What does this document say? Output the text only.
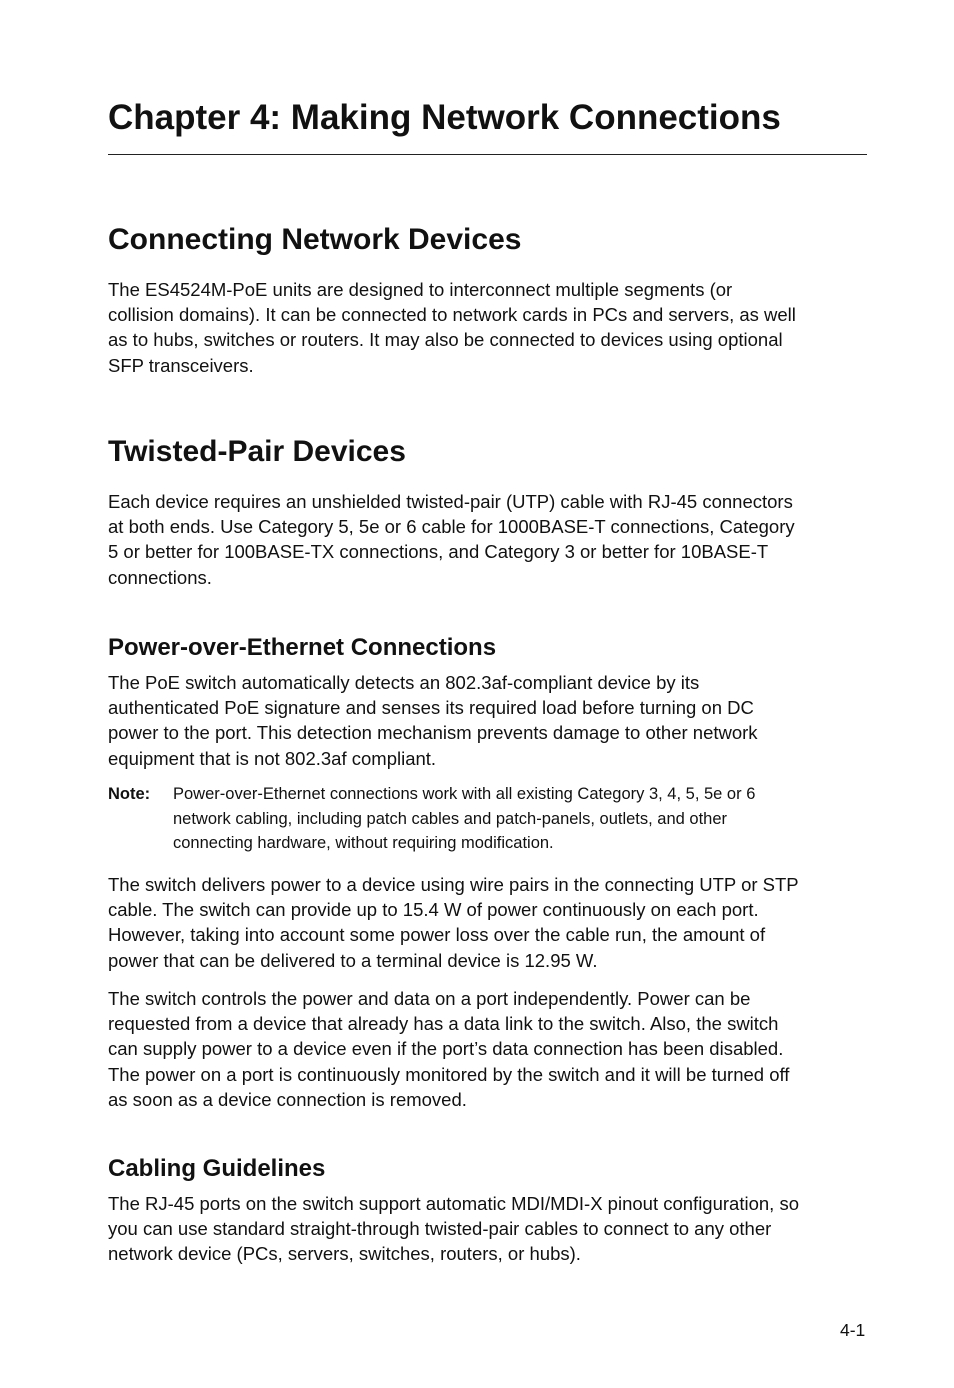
Chapter 4: Making Network Connections
Connecting Network Devices

The ES4524M-PoE units are designed to interconnect multiple segments (or
collision domains). It can be connected to network cards in PCs and servers, as well
as to hubs, switches or routers. It may also be connected to devices using optional
SFP transceivers.

Twisted-Pair Devices

Each device requires an unshielded twisted-pair (UTP) cable with RJ-45 connectors
at both ends. Use Category 5, 5e or 6 cable for 1000BASE-T connections, Category
5 or better for 100BASE-TX connections, and Category 3 or better for 10BASE-T
connections.

Power-over-Ethernet Connections

The PoE switch automatically detects an 802.3af-compliant device by its
authenticated PoE signature and senses its required load before turning on DC
power to the port. This detection mechanism prevents damage to other network
equipment that is not 802.3af compliant.

Note: Power-over-Ethernet connections work with all existing Category 3, 4, 5, 5e or 6
network cabling, including patch cables and patch-panels, outlets, and other
connecting hardware, without requiring modification.

The switch delivers power to a device using wire pairs in the connecting UTP or STP
cable. The switch can provide up to 15.4 W of power continuously on each port.
However, taking into account some power loss over the cable run, the amount of
power that can be delivered to a terminal device is 12.95 W.

The switch controls the power and data on a port independently. Power can be
requested from a device that already has a data link to the switch. Also, the switch
can supply power to a device even if the port’s data connection has been disabled.
The power on a port is continuously monitored by the switch and it will be turned off
as soon as a device connection is removed.

Cabling Guidelines

The RJ-45 ports on the switch support automatic MDI/MDI-X pinout configuration, so
you can use standard straight-through twisted-pair cables to connect to any other
network device (PCs, servers, switches, routers, or hubs).

4-1
